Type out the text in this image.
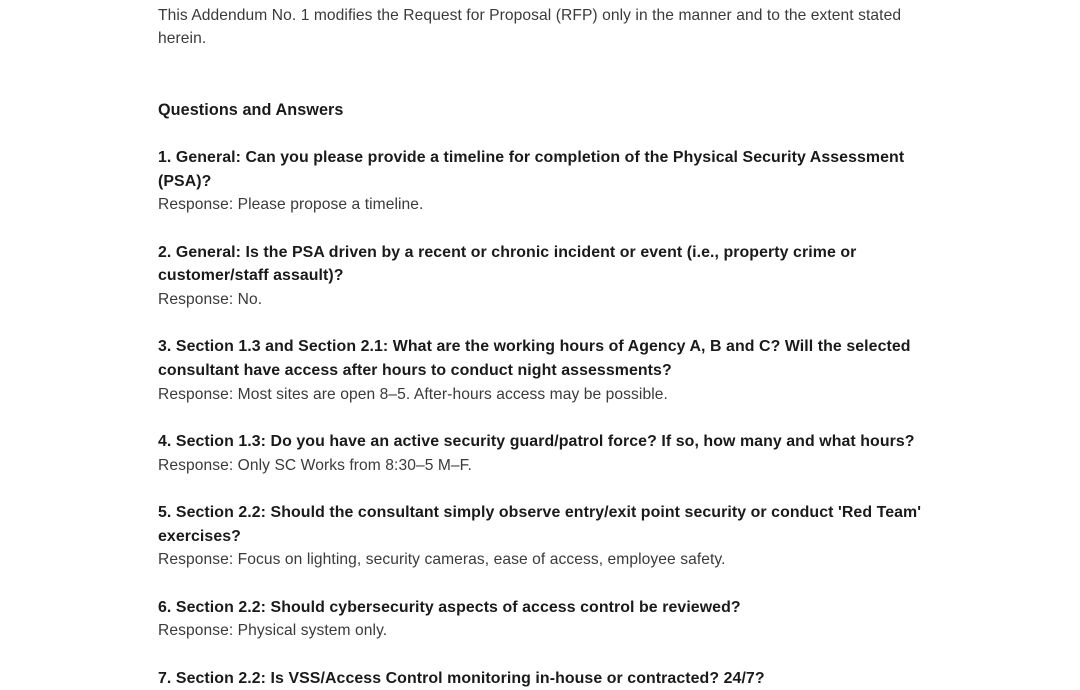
This Addendum No. 1 modifies the Request for Proposal (RFP) only in the manner and to the extent stated herein.

Questions and Answers

1. General: Can you please provide a timeline for completion of the Physical Security Assessment (PSA)?

Response: Please propose a timeline.

2. General: Is the PSA driven by a recent or chronic incident or event (i.e., property crime or customer/staff assault)?

Response: No.

3. Section 1.3 and Section 2.1: What are the working hours of Agency A, B and C? Will the selected consultant have access after hours to conduct night assessments?

Response: Most sites are open 8–5. After-hours access may be possible.

4. Section 1.3: Do you have an active security guard/patrol force? If so, how many and what hours?

Response: Only SC Works from 8:30–5 M–F.

5. Section 2.2: Should the consultant simply observe entry/exit point security or conduct 'Red Team' exercises?

Response: Focus on lighting, security cameras, ease of access, employee safety.

6. Section 2.2: Should cybersecurity aspects of access control be reviewed?

Response: Physical system only.

7. Section 2.2: Is VSS/Access Control monitoring in-house or contracted? 24/7?
